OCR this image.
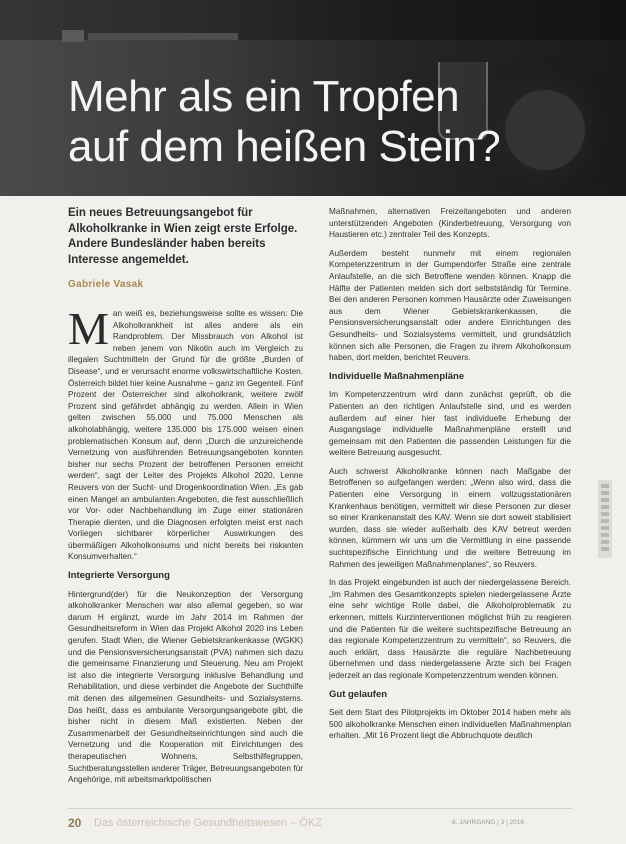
Mehr als ein Tropfen auf dem heißen Stein?

Ein neues Betreuungsangebot für Alkoholkranke in Wien zeigt erste Erfolge. Andere Bundesländer haben bereits Interesse angemeldet.

Gabriele Vasak

Man weiß es, beziehungsweise sollte es wissen: Die Alkoholkrankheit ist alles andere als ein Randproblem. Der Missbrauch von Alkohol ist neben jenem von Nikotin auch im Vergleich zu illegalen Suchtmitteln der Grund für die größte „Burden of Disease“, und er verursacht enorme volkswirtschaftliche Kosten. Österreich bildet hier keine Ausnahme – ganz im Gegenteil. Fünf Prozent der Österreicher sind alkoholkrank, weitere zwölf Prozent sind gefährdet abhängig zu werden. Allein in Wien gelten zwischen 55.000 und 75.000 Menschen als alkoholabhängig, weitere 135.000 bis 175.000 weisen einen problematischen Konsum auf, denn „Durch die unzureichende Vernetzung von ausführenden Betreuungsangeboten konnten bisher nur sechs Prozent der betroffenen Personen erreicht werden“, sagt der Leiter des Projekts Alkohol 2020, Lenne Reuvers von der Sucht- und Drogenkoordination Wien. „Es gab einen Mangel an ambulanten Angeboten, die fest ausschließlich vor Vor- oder Nachbehandlung im Zuge einer stationären Therapie dienten, und die Diagnosen erfolgten meist erst nach Vorliegen sichtbarer körperlicher Auswirkungen des übermäßigen Alkoholkonsums und nicht bereits bei riskanten Konsumverhalten.“

Integrierte Versorgung

Hintergrund(der) für die Neukonzeption der Versorgung alkoholkranker Menschen war also allemal gegeben, so war darum H ergänzt, wurde im Jahr 2014 im Rahmen der Gesundheitsreform in Wien das Projekt Alkohol 2020 ins Leben gerufen. Stadt Wien, die Wiener Gebietskrankenkasse (WGKK) und die Pensionsversicherungsanstalt (PVA) nahmen sich dazu die gemeinsame Finanzierung und Steuerung. Neu am Projekt ist also die integrierte Versorgung inklusive Behandlung und Rehabilitation, und diese verbindet die Angebote der Suchthilfe mit denen des allgemeinen Gesundheits- und Sozialsystems. Das heißt, dass es ambulante Versorgungsangebote gibt, die bisher nicht in diesem Maß existierten. Neben der Zusammenarbeit der Gesundheitseinrichtungen sind auch die Vernetzung und die Kooperation mit Einrichtungen des therapeutischen Wohnens, Selbsthilfegruppen, Suchtberatungsstellen anderer Träger, Betreuungsangeboten für Angehörige, mit arbeitsmarktpolitischen

Maßnahmen, alternativen Freizeitangeboten und anderen unterstützenden Angeboten (Kinderbetreuung, Versorgung von Haustieren etc.) zentraler Teil des Konzepts.

Außerdem besteht nunmehr mit einem regionalen Kompetenzzentrum in der Gumpendorfer Straße eine zentrale Anlaufstelle, an die sich Betroffene wenden können. Knapp die Hälfte der Patienten melden sich dort selbstständig für Termine. Bei den anderen Personen kommen Hausärzte oder Zuweisungen aus dem Wiener Gebietskrankenkassen, die Pensionsversicherungsanstalt oder andere Einrichtungen des Gesundheits- und Sozialsystems vermittelt, und grundsätzlich können sich alle Personen, die Fragen zu ihrem Alkoholkonsum haben, dort melden, berichtet Reuvers.

Individuelle Maßnahmenpläne

Im Kompetenzzentrum wird dann zunächst geprüft, ob die Patienten an den richtigen Anlaufstelle sind, und es werden außerdem auf einer hier fast individuelle Erhebung der Ausgangslage individuelle Maßnahmenpläne erstellt und gemeinsam mit den Patienten die passenden Leistungen für die weitere Betreuung ausgesucht.

Auch schwerst Alkoholkranke können nach Maßgabe der Betroffenen so aufgefangen werden: „Wenn also wird, dass die Patienten eine Versorgung in einem vollzugsstationären Krankenhaus benötigen, vermittelt wir diese Personen zur dieser so einer Krankenanstalt des KAV. Wenn sie dort soweit stabilisiert wurden, dass sie wieder außerhalb des KAV betreut werden können, kümmern wir uns um die Vermittlung in eine passende suchtspezifische Einrichtung und die weitere Betreuung im Rahmen des jeweiligen Maßnahmenplanes“, so Reuvers.

In das Projekt eingebunden ist auch der niedergelassene Bereich. „Im Rahmen des Gesamtkonzepts spielen niedergelassene Ärzte eine sehr wichtige Rolle dabei, die Alkoholproblematik zu erkennen, mittels Kurzinterventionen möglichst früh zu reagieren und die Patienten für die weitere suchtspezifische Betreuung an das regionale Kompetenzzentrum zu vermitteln“, so Reuvers, die auch erklärt, dass Hausärzte die reguläre Nachbetreuung übernehmen und dass niedergelassene Ärzte sich bei Fragen jederzeit an das regionale Kompetenzzentrum wenden können.

Gut gelaufen

Seit dem Start des Pilotprojekts im Oktober 2014 haben mehr als 500 alkoholkranke Menschen einen individuellen Maßnahmenplan erhalten. „Mit 16 Prozent liegt die Abbruchquote deutlich

20 Das österreichische Gesundheitswesen – ÖKZ	8. JAHRGANG | 3 | 2016
